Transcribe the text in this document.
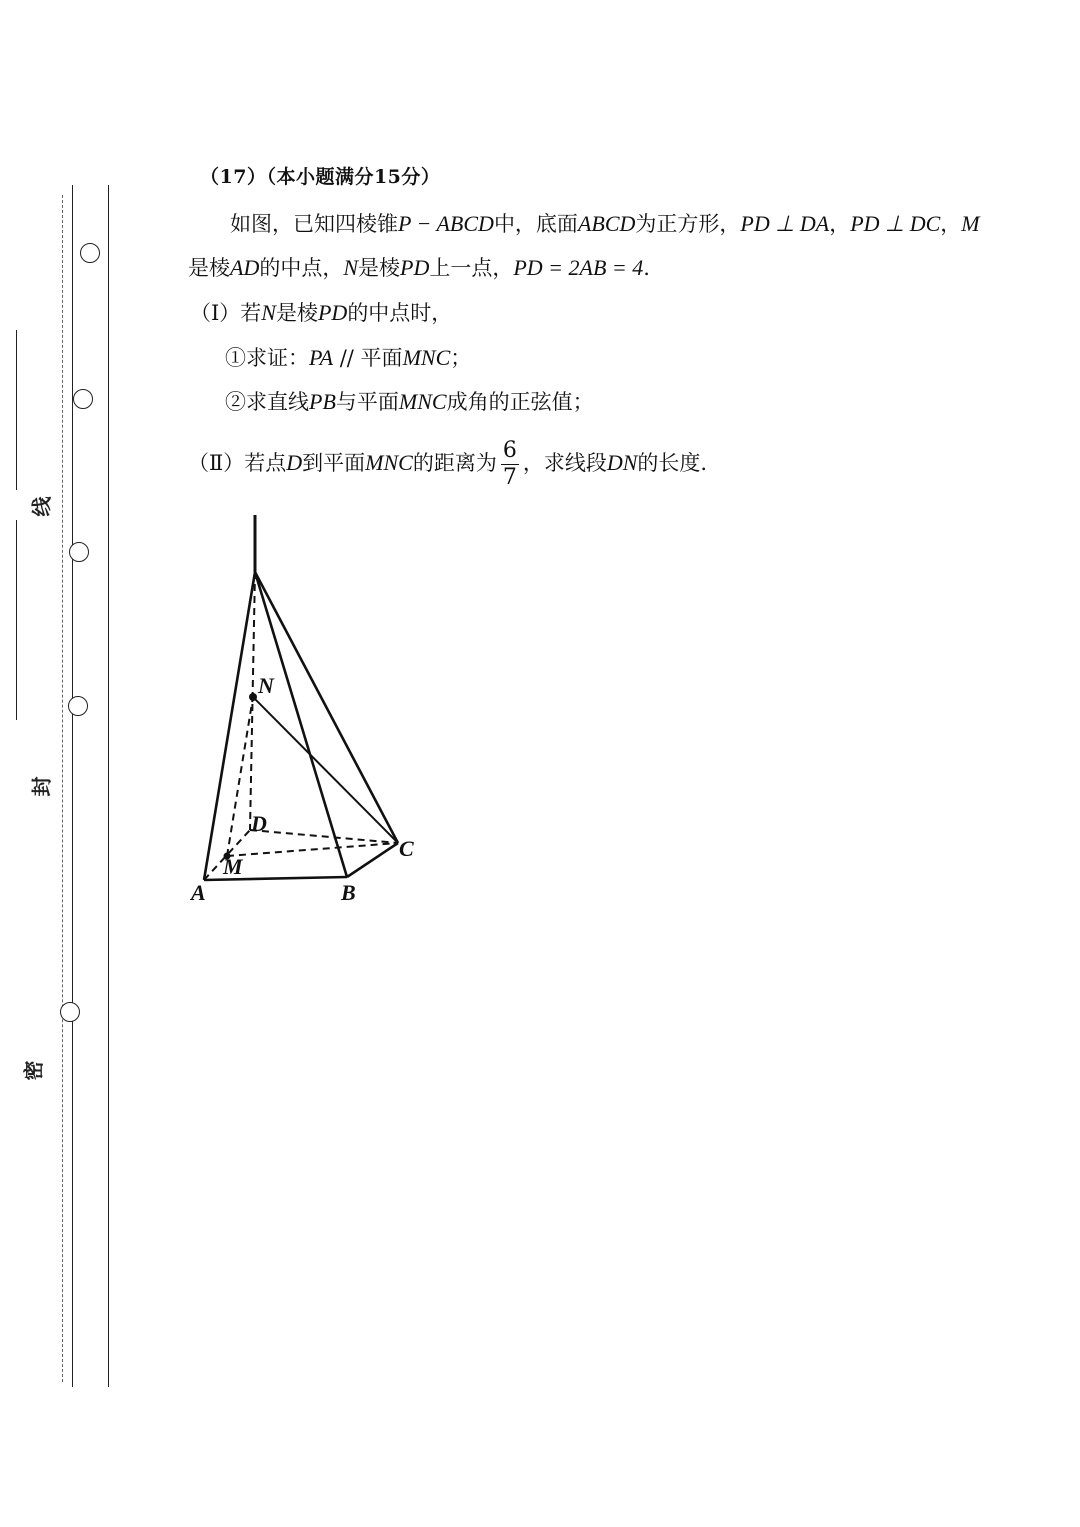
线
封
密
（17）（本小题满分15分）
如图，已知四棱锥P − ABCD中，底面ABCD为正方形，PD ⊥ DA，PD ⊥ DC，M
是棱AD的中点，N是棱PD上一点，PD = 2AB = 4.
（Ⅰ）若N是棱PD的中点时，
①求证：PA // 平面MNC；
②求直线PB与平面MNC成角的正弦值；
（Ⅱ）若点D到平面MNC的距离为 $\frac{6}{7}$ ，求线段DN的长度.
N
D
C
M
A	B
